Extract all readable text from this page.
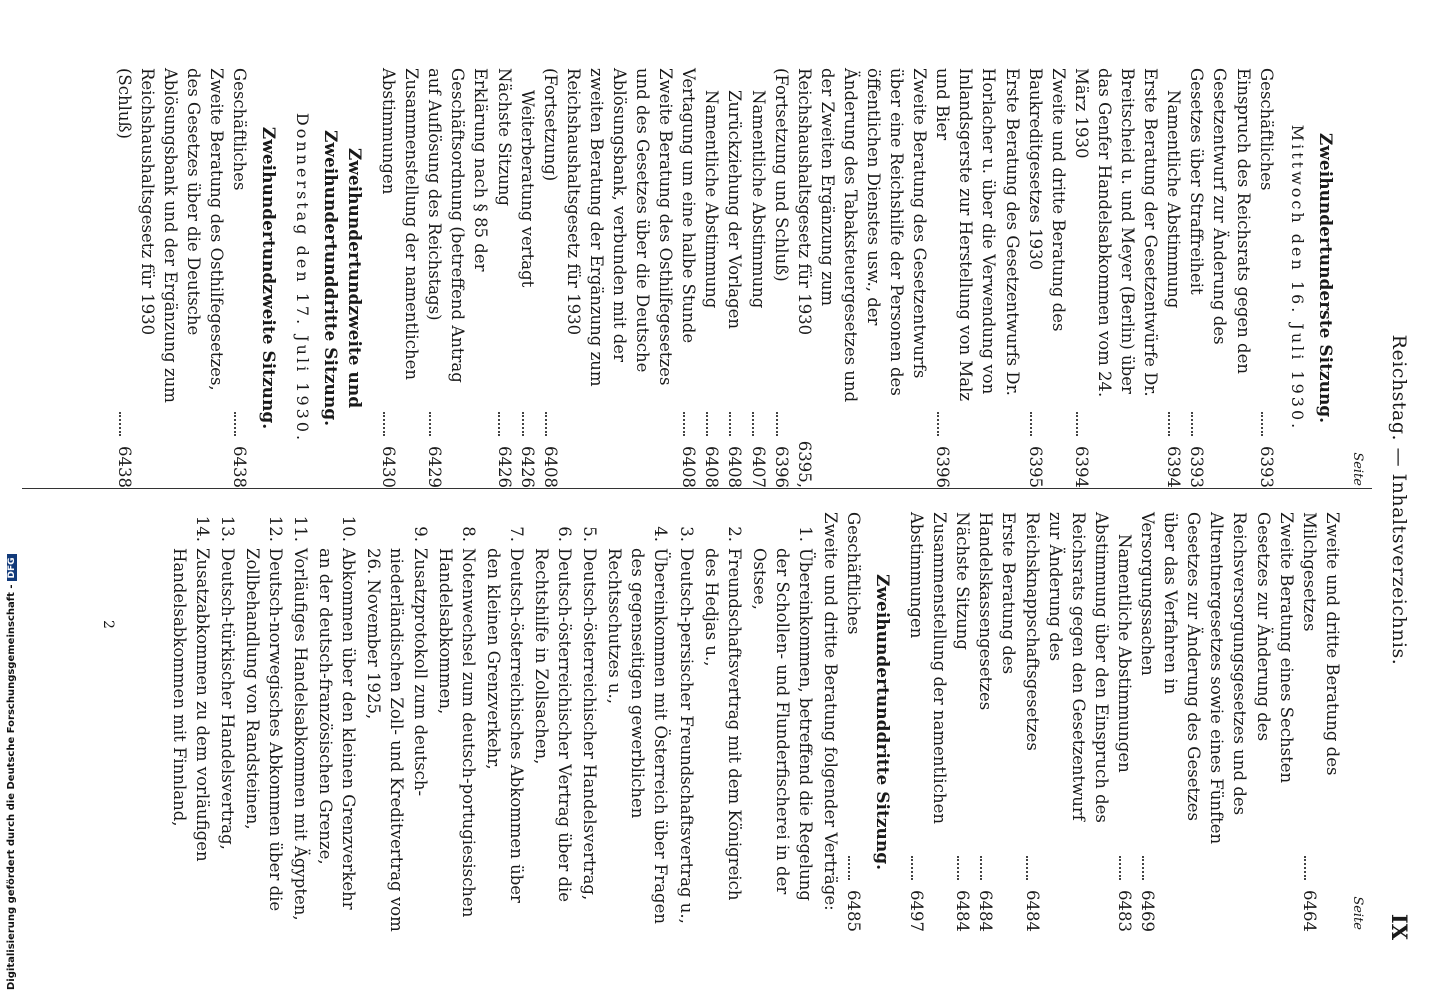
Reichstag. — Inhaltsverzeichnis.
IX
Seite
Zweihundertunderste Sitzung.
Mittwoch den 16. Juli 1930.
Geschäftliches
6393
Einspruch des Reichsrats gegen den Gesetzentwurf zur Änderung des Gesetzes über Straffreiheit
6393
Namentliche Abstimmung
6394
Erste Beratung der Gesetzentwürfe Dr. Breitscheid u. und Meyer (Berlin) über das Genfer Handelsabkommen vom 24. März 1930
6394
Zweite und dritte Beratung des Baukreditgesetzes 1930
6395
Erste Beratung des Gesetzentwurfs Dr. Horlacher u. über die Verwendung von Inlandsgerste zur Herstellung von Malz und Bier
6396
Zweite Beratung des Gesetzentwurfs über eine Reichshilfe der Personen des öffentlichen Dienstes usw., der Änderung des Tabaksteuergesetzes und der Zweiten Ergänzung zum Reichshaushaltsgesetz für 1930 (Fortsetzung und Schluß)
6395, 6396
Namentliche Abstimmung
6407
Zurückziehung der Vorlagen
6408
Namentliche Abstimmung
6408
Vertagung um eine halbe Stunde
6408
Zweite Beratung des Osthilfegesetzes und des Gesetzes über die Deutsche Ablösungsbank, verbunden mit der zweiten Beratung der Ergänzung zum Reichshaushaltsgesetz für 1930 (Fortsetzung)
6408
Weiterberatung vertagt
6426
Nächste Sitzung
6426
Erklärung nach § 85 der Geschäftsordnung (betreffend Antrag auf Auflösung des Reichstags)
6429
Zusammenstellung der namentlichen Abstimmungen
6430
Zweihundertundzweite und Zweihundertunddritte Sitzung.
Donnerstag den 17. Juli 1930.
Zweihundertundzweite Sitzung.
Geschäftliches
6438
Zweite Beratung des Osthilfegesetzes, des Gesetzes über die Deutsche Ablösungsbank und der Ergänzung zum Reichshaushaltsgesetz für 1930 (Schluß)
6438
Seite
Zweite und dritte Beratung des Milchgesetzes
6464
Zweite Beratung eines Sechsten Gesetzes zur Änderung des Reichsversorgungsgesetzes und des Altrentnergesetzes sowie eines Fünften Gesetzes zur Änderung des Gesetzes über das Verfahren in Versorgungssachen
6469
Namentliche Abstimmungen
6483
Abstimmung über den Einspruch des Reichsrats gegen den Gesetzentwurf zur Änderung des Reichsknappschaftsgesetzes
6484
Erste Beratung des Handelskassengesetzes
6484
Nächste Sitzung
6484
Zusammenstellung der namentlichen Abstimmungen
6497
Zweihundertunddritte Sitzung.
Geschäftliches
6485
Zweite und dritte Beratung folgender Verträge:
1.
Übereinkommen, betreffend die Regelung der Schollen- und Flunderfischerei in der Ostsee,
2.
Freundschaftsvertrag mit dem Königreich des Hedjas u.,
3.
Deutsch-persischer Freundschaftsvertrag u.,
4.
Übereinkommen mit Österreich über Fragen des gegenseitigen gewerblichen Rechtsschutzes u.,
5.
Deutsch-österreichischer Handelsvertrag,
6.
Deutsch-österreichischer Vertrag über die Rechtshilfe in Zollsachen,
7.
Deutsch-österreichisches Abkommen über den kleinen Grenzverkehr,
8.
Notenwechsel zum deutsch-portugiesischen Handelsabkommen,
9.
Zusatzprotokoll zum deutsch-niederländischen Zoll- und Kreditvertrag vom 26. November 1925,
10.
Abkommen über den kleinen Grenzverkehr an der deutsch-französischen Grenze,
11.
Vorläufiges Handelsabkommen mit Ägypten,
12.
Deutsch-norwegisches Abkommen über die Zollbehandlung von Randsteinen,
13.
Deutsch-türkischer Handelsvertrag,
14.
Zusatzabkommen zu dem vorläufigen Handelsabkommen mit Finnland,
2
Digitalisierung gefördert durch die Deutsche Forschungsgemeinschaft -DFG
